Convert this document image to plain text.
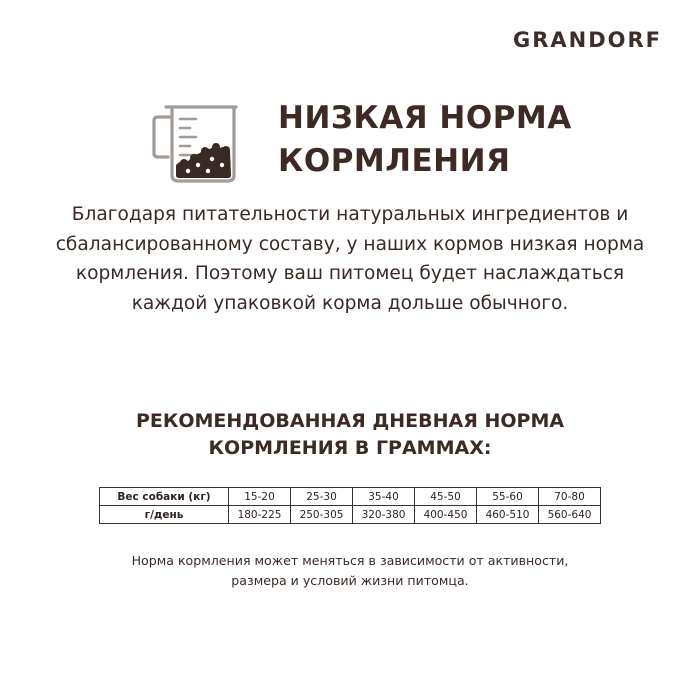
GRANDORF
НИЗКАЯ НОРМА
КОРМЛЕНИЯ

Благодаря питательности натуральных ингредиентов и
сбалансированному составу, у наших кормов низкая норма
кормления. Поэтому ваш питомец будет наслаждаться
каждой упаковкой корма дольше обычного.

РЕКОМЕНДОВАННАЯ ДНЕВНАЯ НОРМА
КОРМЛЕНИЯ В ГРАММАХ:
Вес собаки (кг)	15-20	25-30	35-40	45-50	55-60	70-80
г/день	180-225	250-305	320-380	400-450	460-510	560-640

Норма кормления может меняться в зависимости от активности,
размера и условий жизни питомца.
